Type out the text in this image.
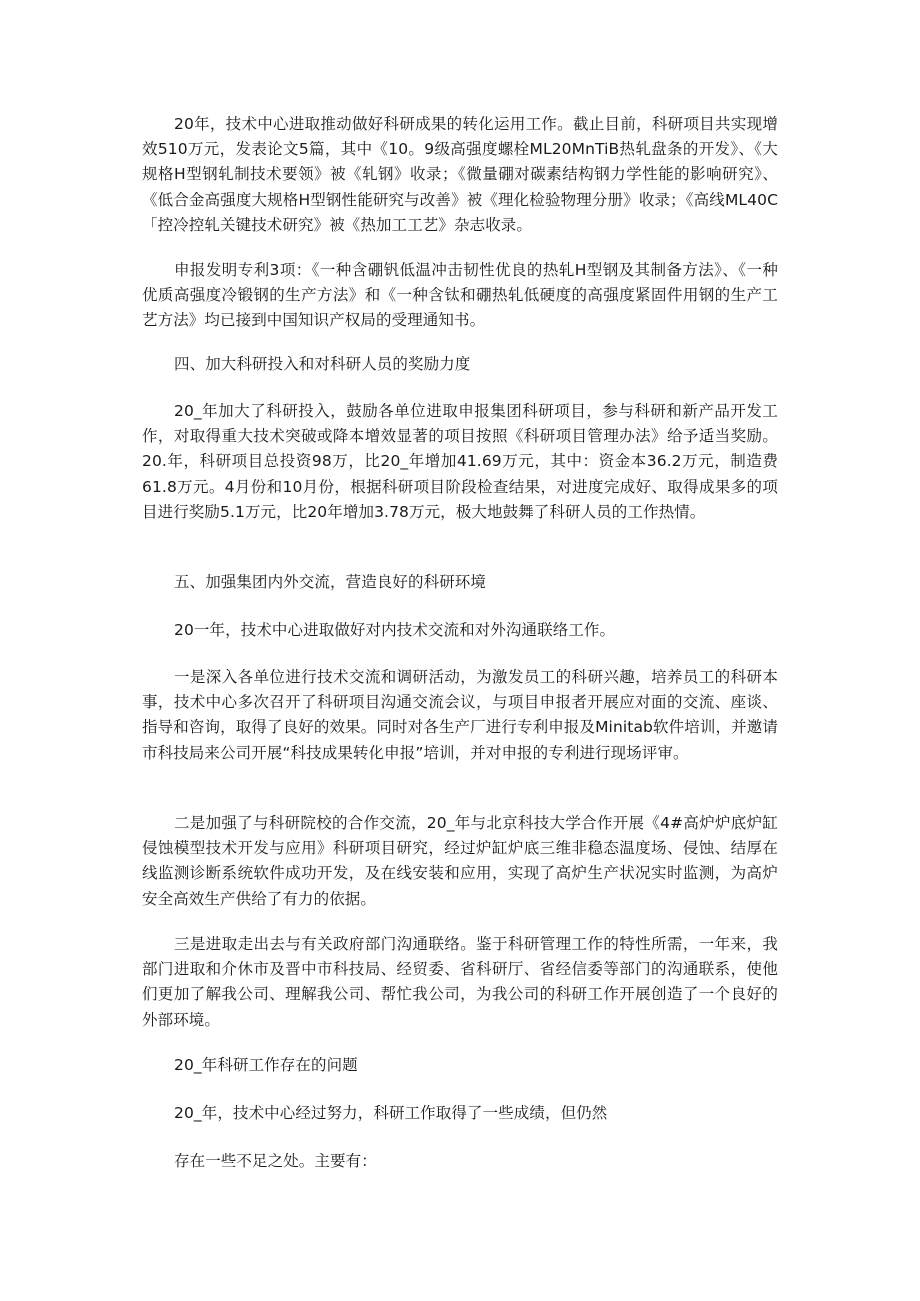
20年，技术中心进取推动做好科研成果的转化运用工作。截止目前，科研项目共实现增效510万元，发表论文5篇，其中《10。9级高强度螺栓ML20MnTiB热轧盘条的开发》、《大规格H型钢轧制技术要领》被《轧钢》收录；《微量硼对碳素结构钢力学性能的影响研究》、《低合金高强度大规格H型钢性能研究与改善》被《理化检验物理分册》收录；《高线ML40C「控冷控轧关键技术研究》被《热加工工艺》杂志收录。

申报发明专利3项：《一种含硼钒低温冲击韧性优良的热轧H型钢及其制备方法》、《一种优质高强度冷锻钢的生产方法》和《一种含钛和硼热轧低硬度的高强度紧固件用钢的生产工艺方法》均已接到中国知识产权局的受理通知书。

四、加大科研投入和对科研人员的奖励力度

20_年加大了科研投入，鼓励各单位进取申报集团科研项目，参与科研和新产品开发工作，对取得重大技术突破或降本增效显著的项目按照《科研项目管理办法》给予适当奖励。20.年，科研项目总投资98万，比20_年增加41.69万元，其中：资金本36.2万元，制造费61.8万元。4月份和10月份，根据科研项目阶段检查结果，对进度完成好、取得成果多的项目进行奖励5.1万元，比20年增加3.78万元，极大地鼓舞了科研人员的工作热情。

五、加强集团内外交流，营造良好的科研环境

20一年，技术中心进取做好对内技术交流和对外沟通联络工作。

一是深入各单位进行技术交流和调研活动，为激发员工的科研兴趣，培养员工的科研本事，技术中心多次召开了科研项目沟通交流会议，与项目申报者开展应对面的交流、座谈、指导和咨询，取得了良好的效果。同时对各生产厂进行专利申报及Minitab软件培训，并邀请市科技局来公司开展“科技成果转化申报”培训，并对申报的专利进行现场评审。

二是加强了与科研院校的合作交流，20_年与北京科技大学合作开展《4#高炉炉底炉缸侵蚀模型技术开发与应用》科研项目研究，经过炉缸炉底三维非稳态温度场、侵蚀、结厚在线监测诊断系统软件成功开发，及在线安装和应用，实现了高炉生产状况实时监测，为高炉安全高效生产供给了有力的依据。

三是进取走出去与有关政府部门沟通联络。鉴于科研管理工作的特性所需，一年来，我部门进取和介休市及晋中市科技局、经贸委、省科研厅、省经信委等部门的沟通联系，使他们更加了解我公司、理解我公司、帮忙我公司，为我公司的科研工作开展创造了一个良好的外部环境。

20_年科研工作存在的问题

20_年，技术中心经过努力，科研工作取得了一些成绩，但仍然

存在一些不足之处。主要有：
